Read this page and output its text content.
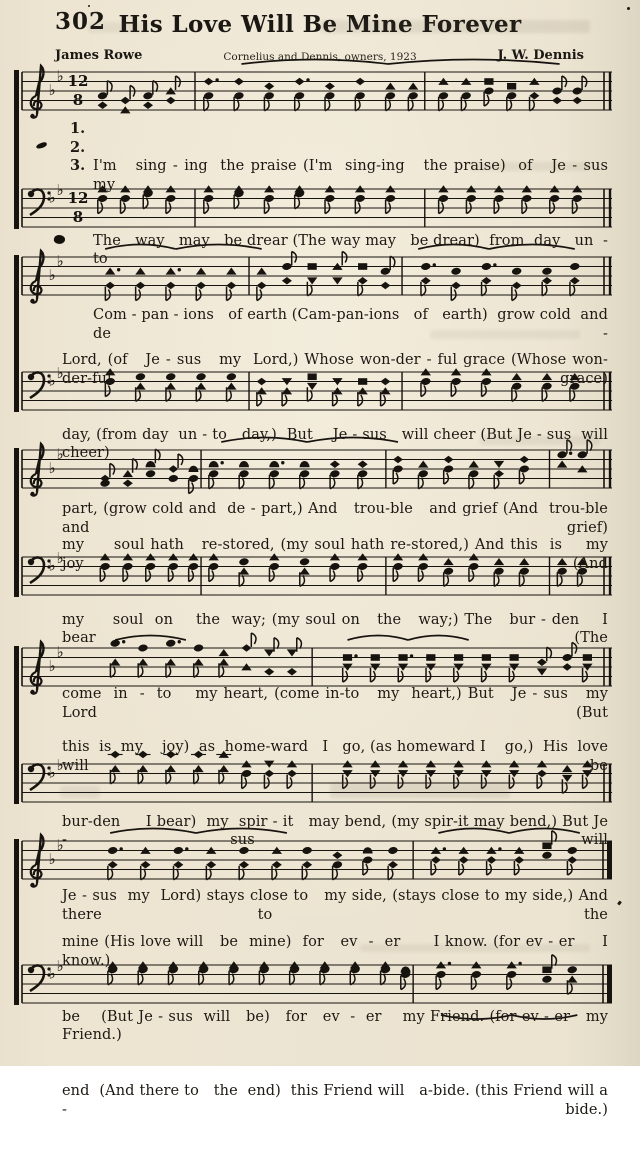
302 His Love Will Be Mine Forever
James Rowe	Cornelius and Dennis, owners, 1923	J. W. Dennis
♭
♭ 12
8
♭ ♭ 12
8
♭
♭
♭ ♭
♭
♭
♭ ♭
♭
♭
♭ ♭
♭
♭
♭ ♭
1.
2.
3.

I'm   sing - ing  the praise (I'm  sing-ing   the praise)  of   Je - sus   my

The   way   may   be drear (The way may   be drear)  from  day   un  -  to

Com - pan - ions   of earth (Cam-pan-ions   of   earth)  grow cold  and   de -

Lord, (of   Je - sus   my  Lord,) Whose won-der - ful grace (Whose won-der-ful grace)

day, (from day  un - to   day,)  But    Je - sus   will cheer (But Je - sus  will  cheer)

part, (grow cold and  de - part,) And   trou-ble   and grief (And  trou-ble   and grief)

my     soul hath   re-stored, (my soul hath re-stored,) And this  is    my  joy (And

my     soul  on    the  way; (my soul on   the   way;) The   bur - den    I bear (The

come  in  -  to    my heart, (come in-to   my  heart,) But   Je - sus   my Lord (But

this  is  my    joy)  as  home-ward   I   go, (as homeward I    go,)  His  love  will  be

bur-den     I bear)  my  spir - it   may bend, (my spir-it may bend,) But Je - sus  will

Je - sus  my  Lord) stays close to   my side, (stays close to my side,) And there to  the

mine (His love will   be  mine)  for   ev  -  er      I know. (for ev - er     I know.)

be    (But Je - sus  will   be)   for   ev  -  er    my Friend. (for ev - er   my Friend.)

end  (And there to   the  end)  this Friend will   a-bide. (this Friend will a - bide.)
